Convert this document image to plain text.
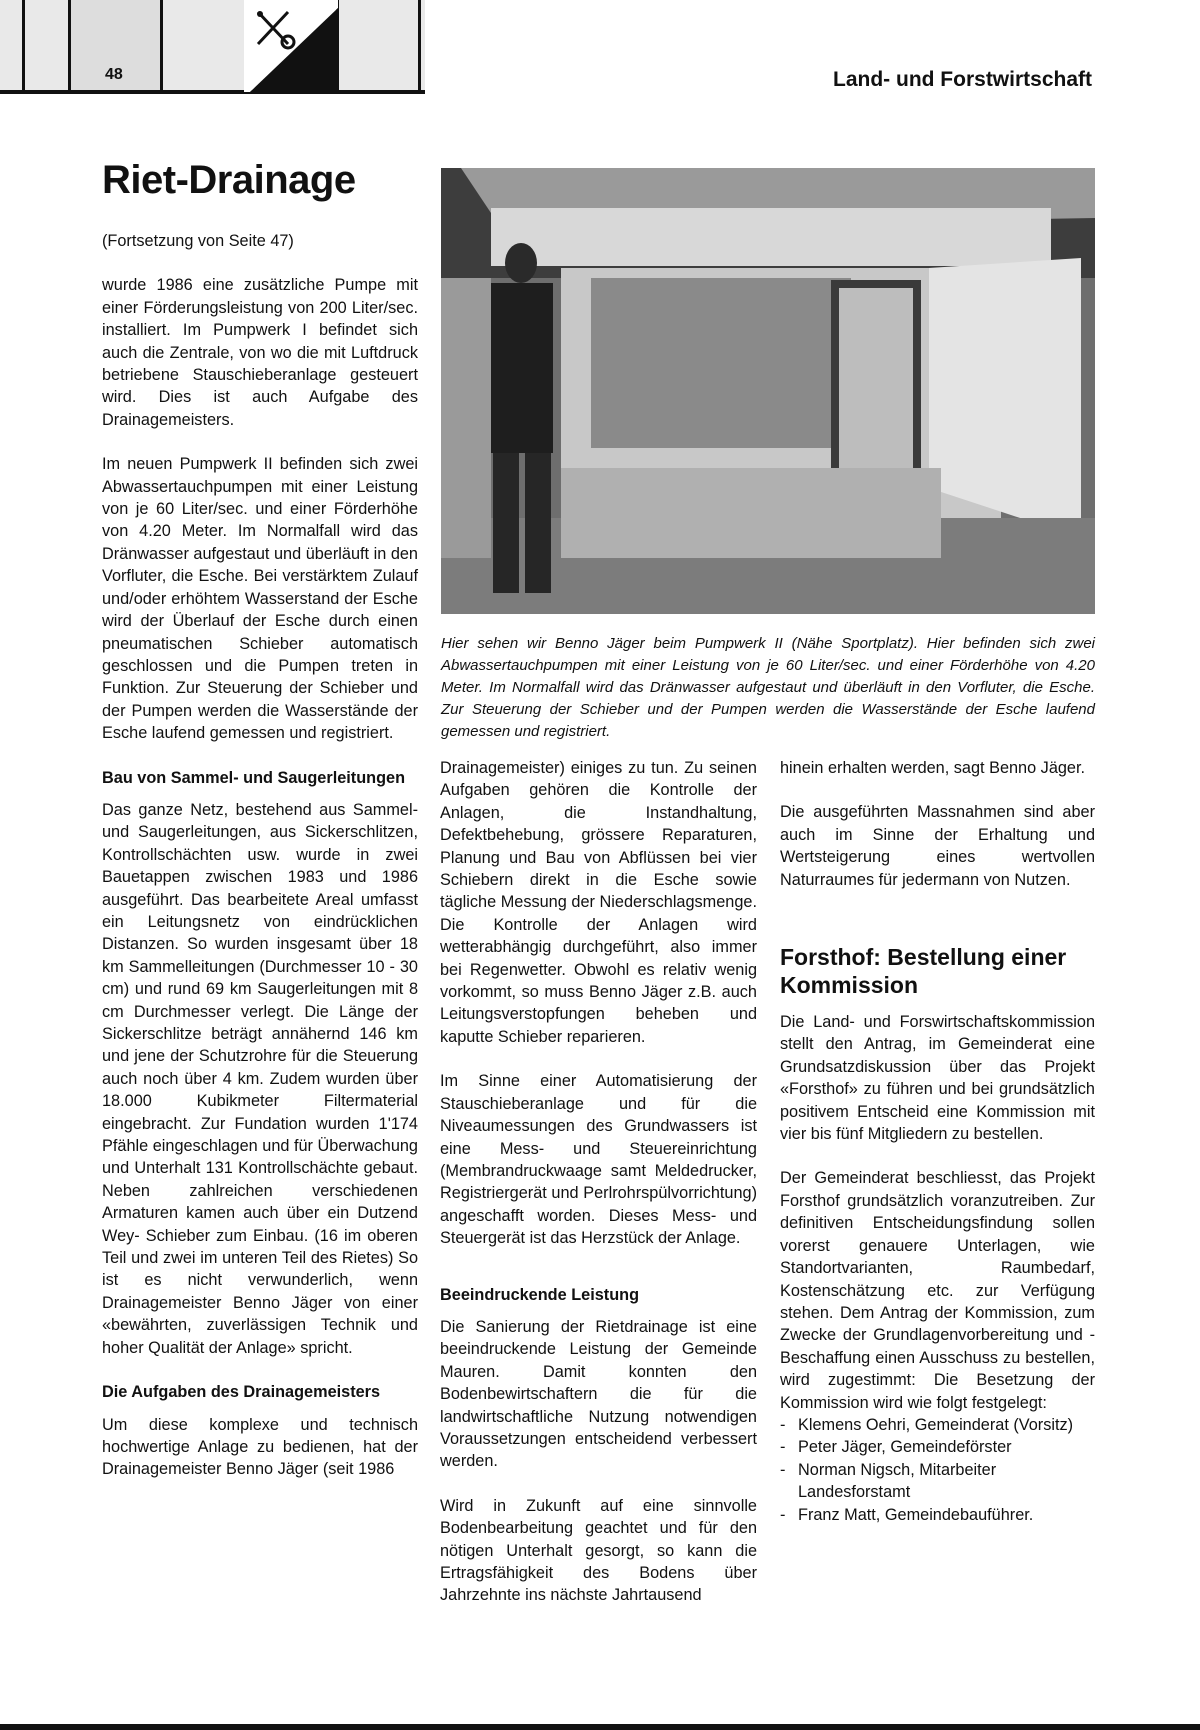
48	Land- und Forstwirtschaft
Riet-Drainage

(Fortsetzung von Seite 47)

wurde 1986 eine zusätzliche Pumpe mit einer Förderungsleistung von 200 Liter/sec. installiert. Im Pumpwerk I befindet sich auch die Zentrale, von wo die mit Luftdruck betriebene Stauschieberanlage gesteuert wird. Dies ist auch Aufgabe des Drainagemeisters.

Im neuen Pumpwerk II befinden sich zwei Abwassertauchpumpen mit einer Leistung von je 60 Liter/sec. und einer Förderhöhe von 4.20 Meter. Im Normalfall wird das Dränwasser aufgestaut und überläuft in den Vorfluter, die Esche. Bei verstärktem Zulauf und/oder erhöhtem Wasserstand der Esche wird der Überlauf der Esche durch einen pneumatischen Schieber automatisch geschlossen und die Pumpen treten in Funktion. Zur Steuerung der Schieber und der Pumpen werden die Wasserstände der Esche laufend gemessen und registriert.

Bau von Sammel- und Saugerleitungen

Das ganze Netz, bestehend aus Sammel- und Saugerleitungen, aus Sickerschlitzen, Kontrollschächten usw. wurde in zwei Bauetappen zwischen 1983 und 1986 ausgeführt. Das bearbeitete Areal umfasst ein Leitungsnetz von eindrücklichen Distanzen. So wurden insgesamt über 18 km Sammelleitungen (Durchmesser 10 - 30 cm) und rund 69 km Saugerleitungen mit 8 cm Durchmesser verlegt. Die Länge der Sickerschlitze beträgt annähernd 146 km und jene der Schutzrohre für die Steuerung auch noch über 4 km. Zudem wurden über 18.000 Kubikmeter Filtermaterial eingebracht. Zur Fundation wurden 1'174 Pfähle eingeschlagen und für Überwachung und Unterhalt 131 Kontrollschächte gebaut. Neben zahlreichen verschiedenen Armaturen kamen auch über ein Dutzend Wey- Schieber zum Einbau. (16 im oberen Teil und zwei im unteren Teil des Rietes) So ist es nicht verwunderlich, wenn Drainagemeister Benno Jäger von einer «bewährten, zuverlässigen Technik und hoher Qualität der Anlage» spricht.

Die Aufgaben des Drainagemeisters

Um diese komplexe und technisch hochwertige Anlage zu bedienen, hat der Drainagemeister Benno Jäger (seit 1986

Hier sehen wir Benno Jäger beim Pumpwerk II (Nähe Sportplatz). Hier befinden sich zwei Abwassertauchpumpen mit einer Leistung von je 60 Liter/sec. und einer Förderhöhe von 4.20 Meter. Im Normalfall wird das Dränwasser aufgestaut und überläuft in den Vorfluter, die Esche. Zur Steuerung der Schieber und der Pumpen werden die Wasserstände der Esche laufend gemessen und registriert.

Drainagemeister) einiges zu tun. Zu seinen Aufgaben gehören die Kontrolle der Anlagen, die Instandhaltung, Defektbehebung, grössere Reparaturen, Planung und Bau von Abflüssen bei vier Schiebern direkt in die Esche sowie tägliche Messung der Niederschlagsmenge. Die Kontrolle der Anlagen wird wetterabhängig durchgeführt, also immer bei Regenwetter. Obwohl es relativ wenig vorkommt, so muss Benno Jäger z.B. auch Leitungsverstopfungen beheben und kaputte Schieber reparieren.

Im Sinne einer Automatisierung der Stauschieberanlage und für die Niveaumessungen des Grundwassers ist eine Mess- und Steuereinrichtung (Membrandruckwaage samt Meldedrucker, Registriergerät und Perlrohrspülvorrichtung) angeschafft worden. Dieses Mess- und Steuergerät ist das Herzstück der Anlage.

Beeindruckende Leistung

Die Sanierung der Rietdrainage ist eine beeindruckende Leistung der Gemeinde Mauren. Damit konnten den Bodenbewirtschaftern die für die landwirtschaftliche Nutzung notwendigen Voraussetzungen entscheidend verbessert werden.

Wird in Zukunft auf eine sinnvolle Bodenbearbeitung geachtet und für den nötigen Unterhalt gesorgt, so kann die Ertragsfähigkeit des Bodens über Jahrzehnte ins nächste Jahrtausend

hinein erhalten werden, sagt Benno Jäger.

Die ausgeführten Massnahmen sind aber auch im Sinne der Erhaltung und Wertsteigerung eines wertvollen Naturraumes für jedermann von Nutzen.

Forsthof: Bestellung einer Kommission

Die Land- und Forswirtschaftskommission stellt den Antrag, im Gemeinderat eine Grundsatzdiskussion über das Projekt «Forsthof» zu führen und bei grundsätzlich positivem Entscheid eine Kommission mit vier bis fünf Mitgliedern zu bestellen.

Der Gemeinderat beschliesst, das Projekt Forsthof grundsätzlich voranzutreiben. Zur definitiven Entscheidungsfindung sollen vorerst genauere Unterlagen, wie Standortvarianten, Raumbedarf, Kostenschätzung etc. zur Verfügung stehen. Dem Antrag der Kommission, zum Zwecke der Grundlagenvorbereitung und -Beschaffung einen Ausschuss zu bestellen, wird zugestimmt: Die Besetzung der Kommission wird wie folgt festgelegt:

- Klemens Oehri, Gemeinderat (Vorsitz)
- Peter Jäger, Gemeindeförster
- Norman Nigsch, Mitarbeiter Landesforstamt
- Franz Matt, Gemeindebauführer.
